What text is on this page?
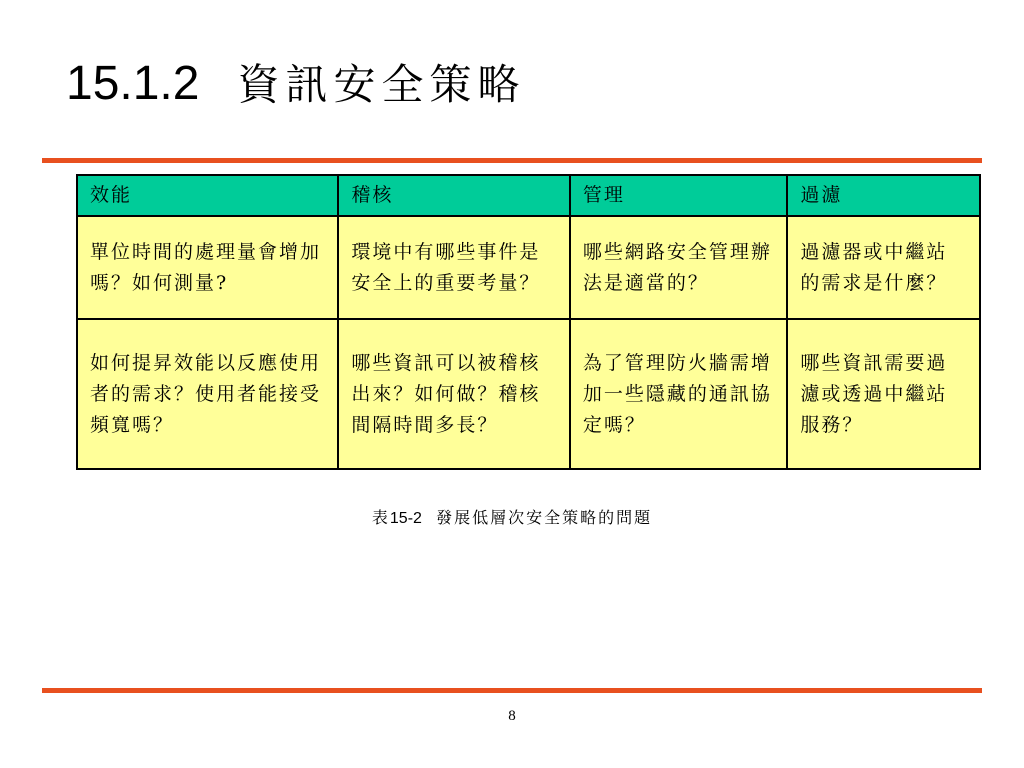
15.1.2 資訊安全策略
效能	稽核	管理	過濾
單位時間的處理量會增加嗎？如何測量?	環境中有哪些事件是安全上的重要考量？	哪些網路安全管理辦法是適當的？	過濾器或中繼站的需求是什麼？
如何提昇效能以反應使用者的需求？使用者能接受頻寬嗎？	哪些資訊可以被稽核出來？如何做？稽核間隔時間多長？	為了管理防火牆需增加一些隱藏的通訊協定嗎？	哪些資訊需要過濾或透過中繼站服務？
表15-2 發展低層次安全策略的問題
8
